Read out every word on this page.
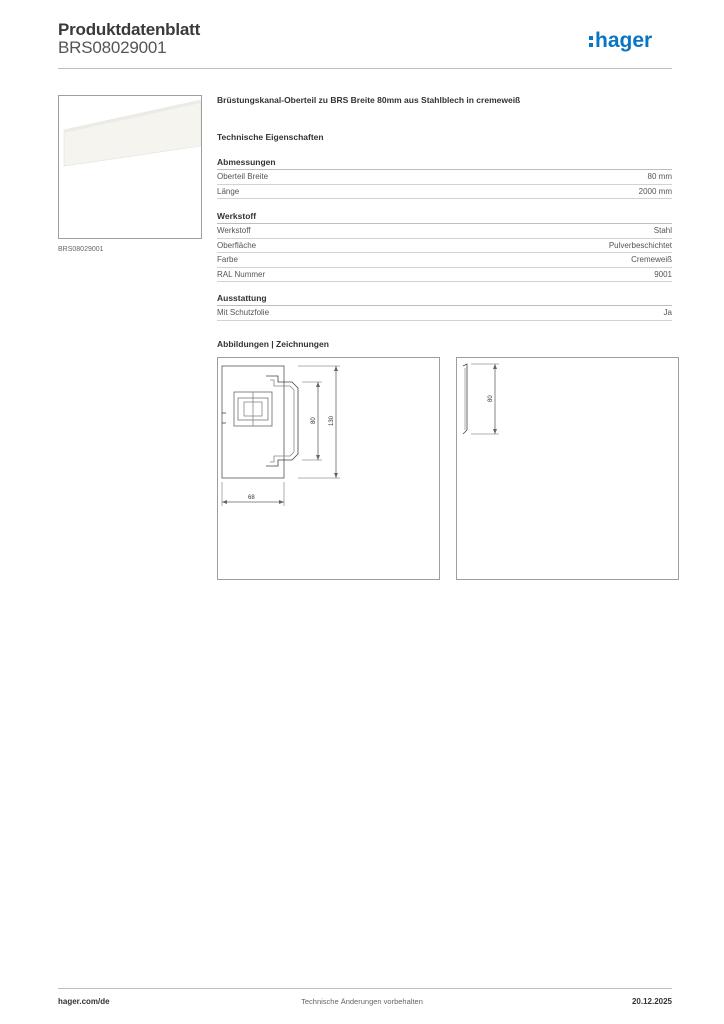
Produktdatenblatt
BRS08029001	hager
BRS08029001
Brüstungskanal-Oberteil zu BRS Breite 80mm aus Stahlblech in cremeweiß
Technische Eigenschaften
Abmessungen
Oberteil Breite	80 mm
Länge	2000 mm
Werkstoff
Werkstoff	Stahl
Oberfläche	Pulverbeschichtet
Farbe	Cremeweiß
RAL Nummer	9001
Ausstattung
Mit Schutzfolie	Ja
Abbildungen | Zeichnungen
80 130
68
80
hager.com/de	Technische Änderungen vorbehalten	20.12.2025
